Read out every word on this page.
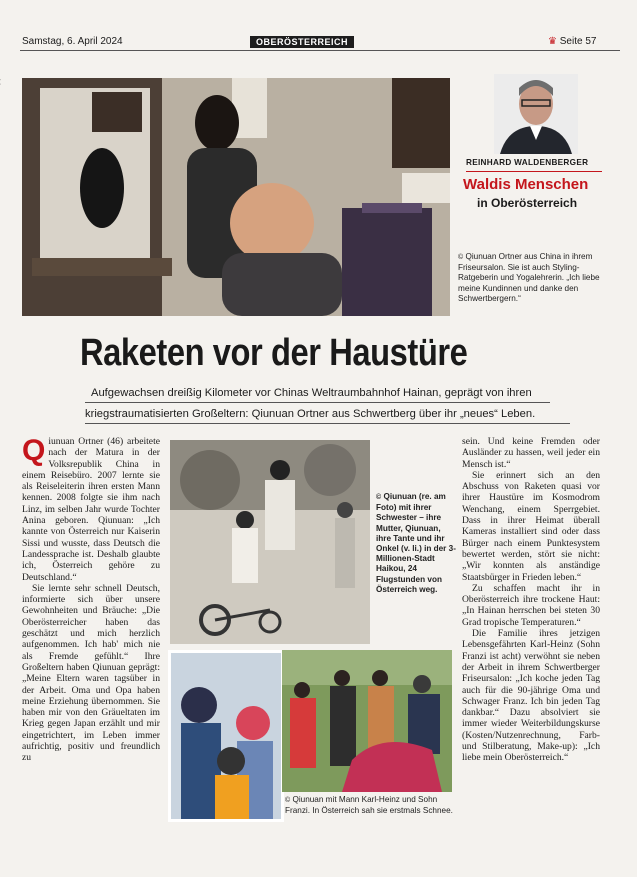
Samstag, 6. April 2024	OBERÖSTERREICH	♛ Seite 57
REINHARD WALDENBERGER
Waldis Menschen
in Oberösterreich
© Qiunuan Ortner aus China in ihrem Friseursalon. Sie ist auch Styling-Ratgeberin und Yogalehrerin. „Ich liebe meine Kundinnen und danke den Schwertbergern.“
Raketen vor der Haustüre
Aufgewachsen dreißig Kilometer vor Chinas Weltraumbahnhof Hainan, geprägt von ihren
kriegstraumatisierten Großeltern: Qiunuan Ortner aus Schwertberg über ihr „neues“ Leben.

Qiunuan Ortner (46) arbeitete nach der Matura in der Volksrepublik China in einem Reisebüro. 2007 lernte sie als Reiseleiterin ihren ersten Mann kennen. 2008 folgte sie ihm nach Linz, im selben Jahr wurde Tochter Anina geboren. Qiunuan: „Ich kannte von Österreich nur Kaiserin Sissi und wusste, dass Deutsch die Landessprache ist. Deshalb glaubte ich, Österreich gehöre zu Deutschland.“

Sie lernte sehr schnell Deutsch, informierte sich über unsere Gewohnheiten und Bräuche: „Die Oberösterreicher haben das geschätzt und mich herzlich aufgenommen. Ich hab' mich nie als Fremde gefühlt.“ Ihre Großeltern haben Qiunuan geprägt: „Meine Eltern waren tagsüber in der Arbeit. Oma und Opa haben meine Erziehung übernommen. Sie haben mir von den Gräueltaten im Krieg gegen Japan erzählt und mir eingetrichtert, im Leben immer aufrichtig, positiv und freundlich zu

© Qiunuan (re. am Foto) mit ihrer Schwester – ihre Mutter, Qiunuan, ihre Tante und ihr Onkel (v. li.) in der 3-Millionen-Stadt Haikou, 24 Flugstunden von Österreich weg.

sein. Und keine Fremden oder Ausländer zu hassen, weil jeder ein Mensch ist.“

Sie erinnert sich an den Abschuss von Raketen quasi vor ihrer Haustüre im Kosmodrom Wenchang, einem Sperrgebiet. Dass in ihrer Heimat überall Kameras installiert sind oder dass Bürger nach einem Punktesystem bewertet werden, stört sie nicht: „Wir konnten als anständige Staatsbürger in Frieden leben.“

Zu schaffen macht ihr in Oberösterreich ihre trockene Haut: „In Hainan herrschen bei steten 30 Grad tropische Temperaturen.“

Die Familie ihres jetzigen Lebensgefährten Karl-Heinz (Sohn Franzi ist acht) verwöhnt sie neben der Arbeit in ihrem Schwertberger Friseursalon: „Ich koche jeden Tag auch für die 90-jährige Oma und Schwager Franz. Ich bin jeden Tag dankbar.“ Dazu absolviert sie immer wieder Weiterbildungskurse (Kosten/Nutzenrechnung, Farb- und Stilberatung, Make-up): „Ich liebe mein Oberösterreich.“

© Qiunuan mit Mann Karl-Heinz und Sohn Franzi. In Österreich sah sie erstmals Schnee.
